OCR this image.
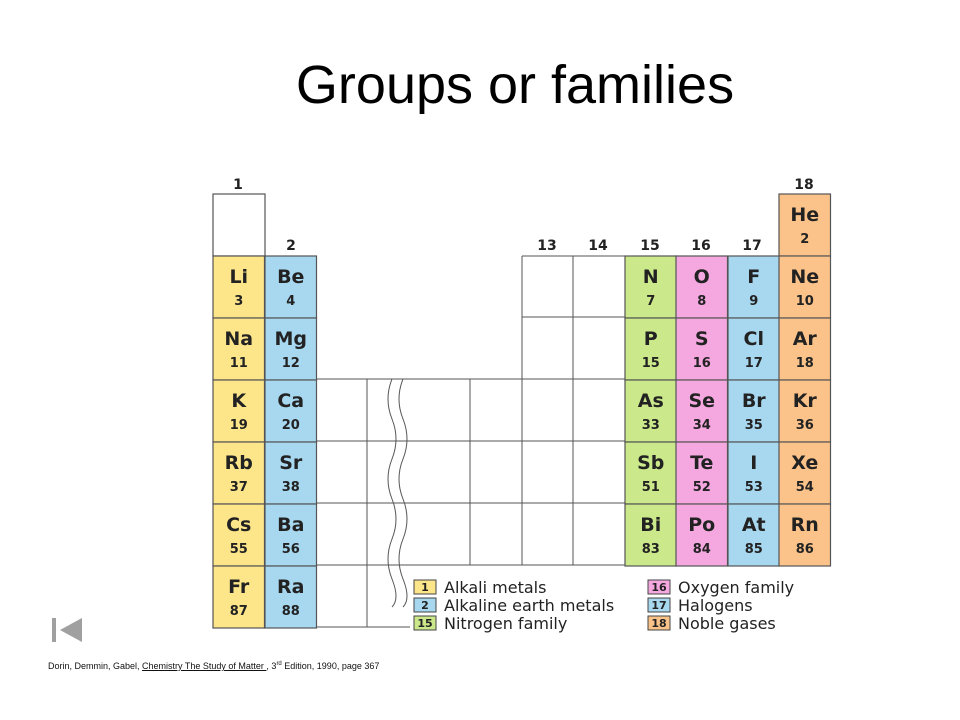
Groups or families

1
2	13 14 15 16 17
18
Li
3
Na
11
K
19
Rb
37
Cs
55
Fr
87
Be
4
Mg
12
Ca
20
Sr
38
Ba
56
Ra
88
N
7
P
15
As
33
Sb
51
Bi
83
O
8
S
16
Se
34
Te
52
Po
84
F
9
Cl
17
Br
35
I
53
At
85
He
2
Ne
10
Ar
18
Kr
36
Xe
54
Rn
86
1 Alkali metals
2 Alkaline earth metals
15 Nitrogen family
16 Oxygen family
17 Halogens
18 Noble gases
Dorin, Demmin, Gabel, Chemistry The Study of Matter , 3rd Edition, 1990, page 367
